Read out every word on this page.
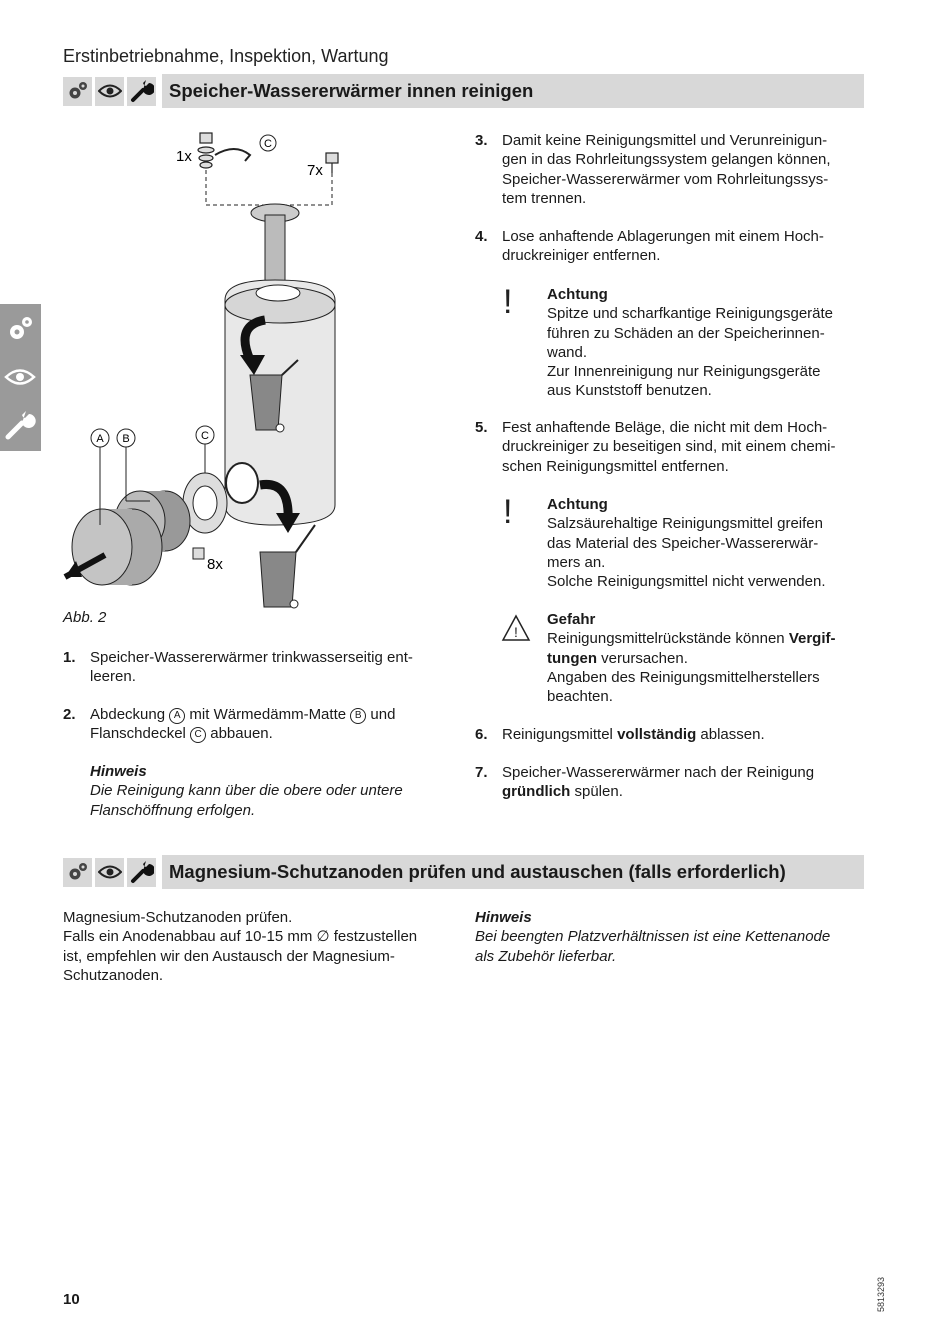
Erstinbetriebnahme, Inspektion, Wartung
Speicher-Wassererwärmer innen reinigen
C
1x
7x
C
8x
A B
Abb. 2
1. Speicher-Wassererwärmer trinkwasserseitig ent-
leeren.
2. Abdeckung A mit Wärmedämm-Matte B und
Flanschdeckel C abbauen.
Hinweis
Die Reinigung kann über die obere oder untere
Flanschöffnung erfolgen.
3. Damit keine Reinigungsmittel und Verunreinigun-
gen in das Rohrleitungssystem gelangen können,
Speicher-Wassererwärmer vom Rohrleitungssys-
tem trennen.
4. Lose anhaftende Ablagerungen mit einem Hoch-
druckreiniger entfernen.
! Achtung
Spitze und scharfkantige Reinigungsgeräte
führen zu Schäden an der Speicherinnen-
wand.
Zur Innenreinigung nur Reinigungsgeräte
aus Kunststoff benutzen.
5. Fest anhaftende Beläge, die nicht mit dem Hoch-
druckreiniger zu beseitigen sind, mit einem chemi-
schen Reinigungsmittel entfernen.
! Achtung
Salzsäurehaltige Reinigungsmittel greifen
das Material des Speicher-Wassererwär-
mers an.
Solche Reinigungsmittel nicht verwenden.
!
Gefahr
Reinigungsmittelrückstände können Vergif-
tungen verursachen.
Angaben des Reinigungsmittelherstellers
beachten.
6. Reinigungsmittel vollständig ablassen.
7. Speicher-Wassererwärmer nach der Reinigung
gründlich spülen.
Magnesium-Schutzanoden prüfen und austauschen (falls erforderlich)
Magnesium-Schutzanoden prüfen.
Falls ein Anodenabbau auf 10-15 mm ∅ festzustellen
ist, empfehlen wir den Austausch der Magnesium-
Schutzanoden.
Hinweis
Bei beengten Platzverhältnissen ist eine Kettenanode
als Zubehör lieferbar.
10	5813293
